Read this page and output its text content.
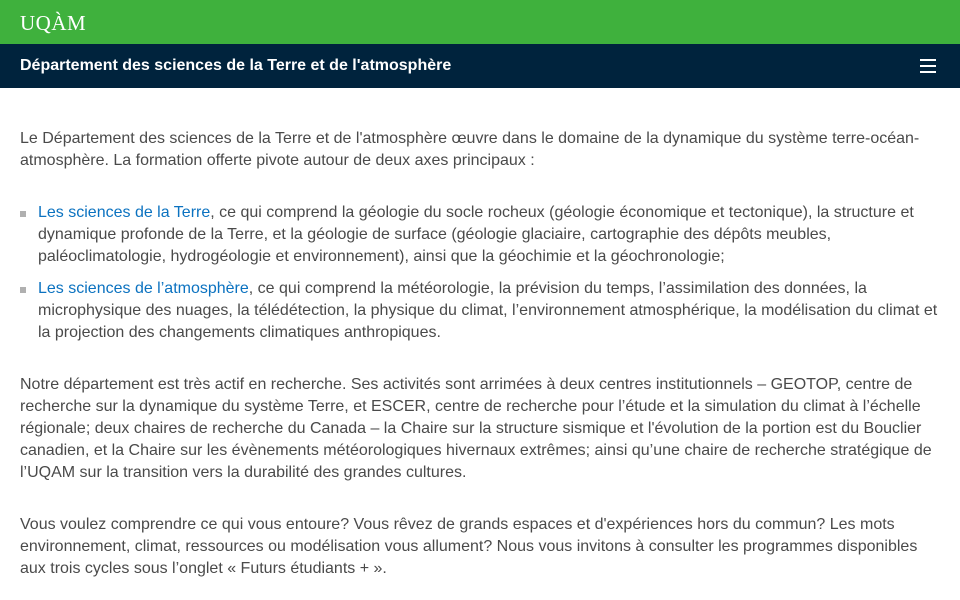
UQÀM
Département des sciences de la Terre et de l'atmosphère

Le Département des sciences de la Terre et de l'atmosphère œuvre dans le domaine de la dynamique du système terre-océan-atmosphère. La formation offerte pivote autour de deux axes principaux :

Les sciences de la Terre, ce qui comprend la géologie du socle rocheux (géologie économique et tectonique), la structure et dynamique profonde de la Terre, et la géologie de surface (géologie glaciaire, cartographie des dépôts meubles, paléoclimatologie, hydrogéologie et environnement), ainsi que la géochimie et la géochronologie;
Les sciences de l’atmosphère, ce qui comprend la météorologie, la prévision du temps, l’assimilation des données, la microphysique des nuages, la télédétection, la physique du climat, l’environnement atmosphérique, la modélisation du climat et la projection des changements climatiques anthropiques.

Notre département est très actif en recherche. Ses activités sont arrimées à deux centres institutionnels – GEOTOP, centre de recherche sur la dynamique du système Terre, et ESCER, centre de recherche pour l’étude et la simulation du climat à l’échelle régionale; deux chaires de recherche du Canada – la Chaire sur la structure sismique et l'évolution de la portion est du Bouclier canadien, et la Chaire sur les évènements météorologiques hivernaux extrêmes; ainsi qu’une chaire de recherche stratégique de l’UQAM sur la transition vers la durabilité des grandes cultures.

Vous voulez comprendre ce qui vous entoure? Vous rêvez de grands espaces et d'expériences hors du commun? Les mots environnement, climat, ressources ou modélisation vous allument? Nous vous invitons à consulter les programmes disponibles aux trois cycles sous l’onglet « Futurs étudiants + ».
